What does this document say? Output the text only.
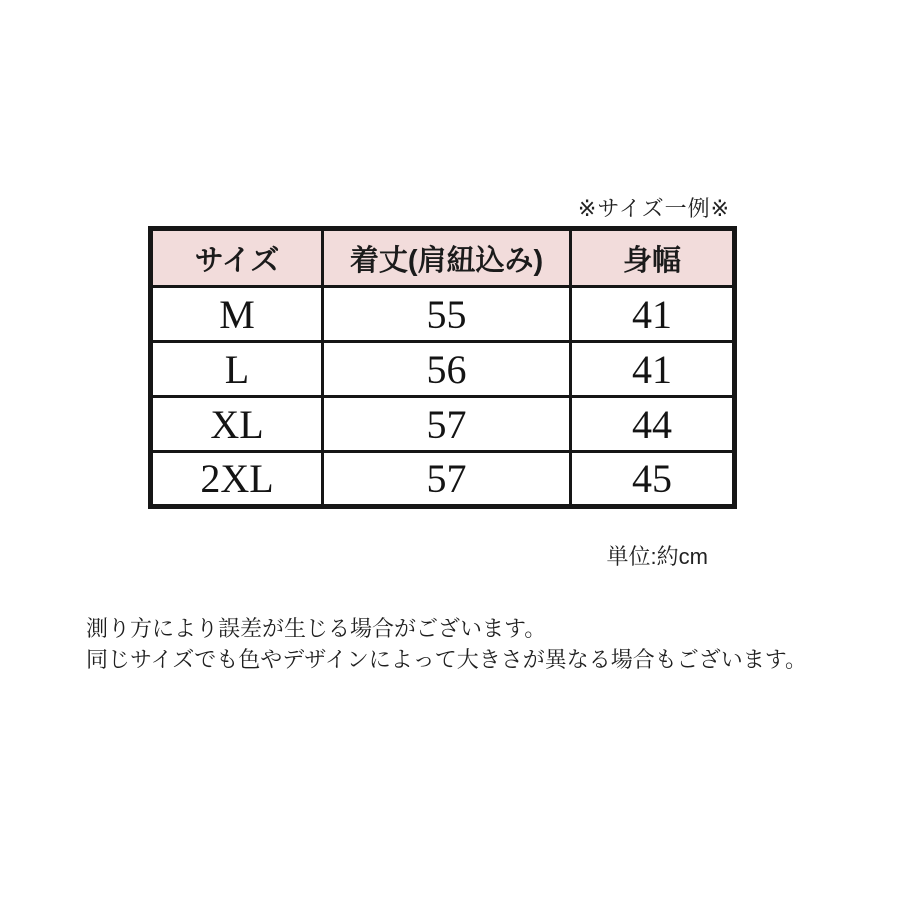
※サイズ一例※
サイズ	着丈(肩紐込み)	身幅
M	55	41
L	56	41
XL	57	44
2XL	57	45
単位:約cm
測り方により誤差が生じる場合がございます。
同じサイズでも色やデザインによって大きさが異なる場合もございます。
